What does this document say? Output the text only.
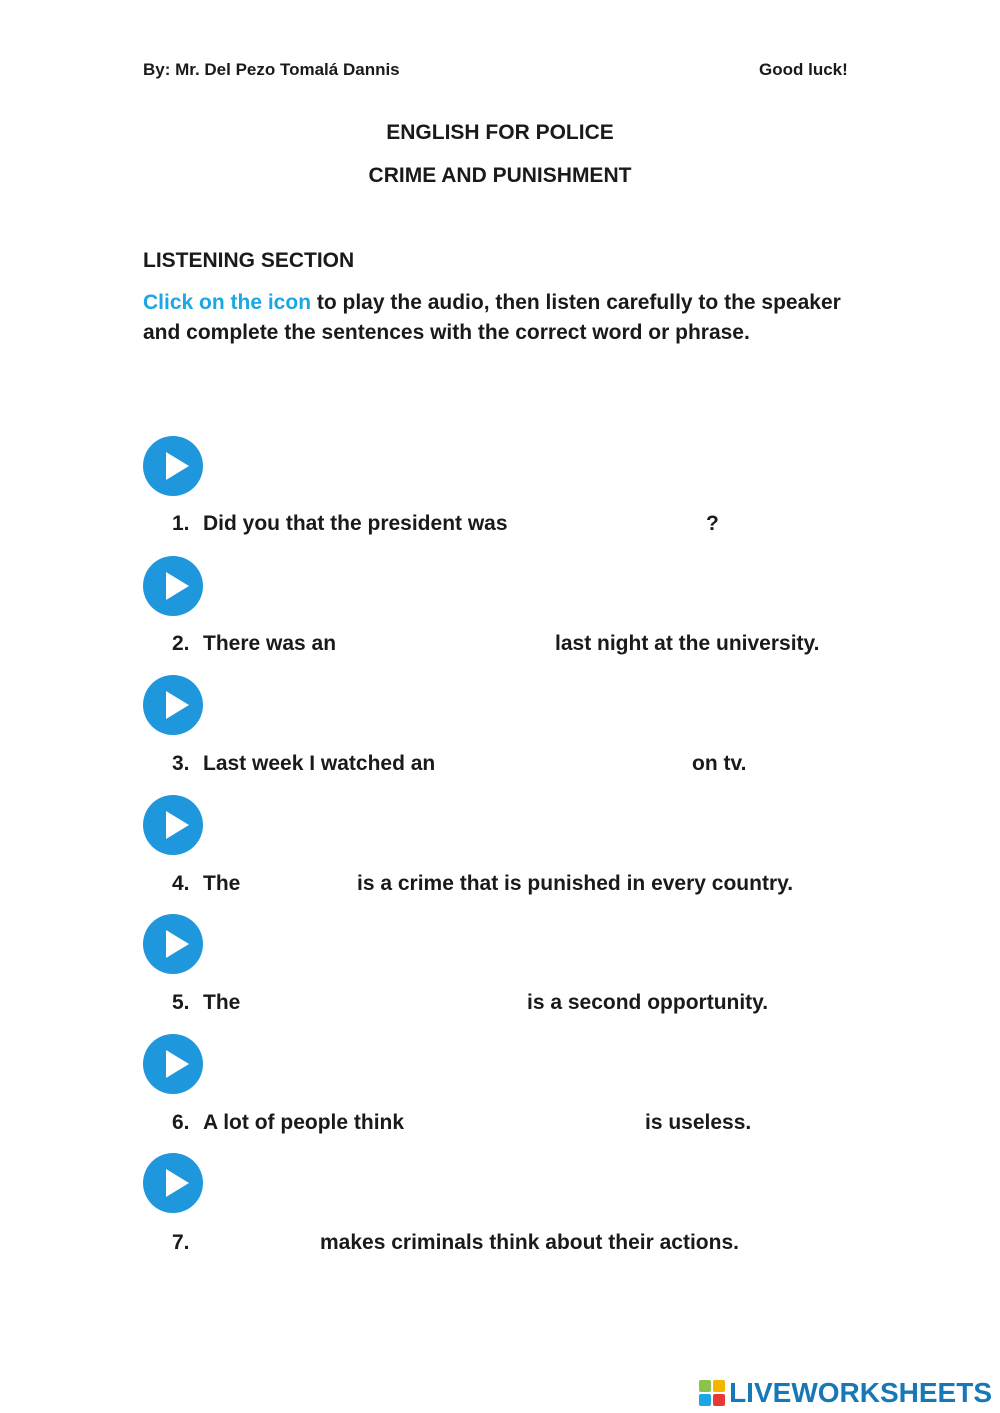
By: Mr. Del Pezo Tomalá Dannis	Good luck!
ENGLISH FOR POLICE
CRIME AND PUNISHMENT
LISTENING SECTION
Click on the icon to play the audio, then listen carefully to the speaker and complete the sentences with the correct word or phrase.
1. Did you that the president was	?
2. There was an	last night at the university.
3. Last week I watched an	on tv.
4. The	is a crime that is punished in every country.
5. The	is a second opportunity.
6. A lot of people think	is useless.
7.	makes criminals think about their actions.
LIVEWORKSHEETS
